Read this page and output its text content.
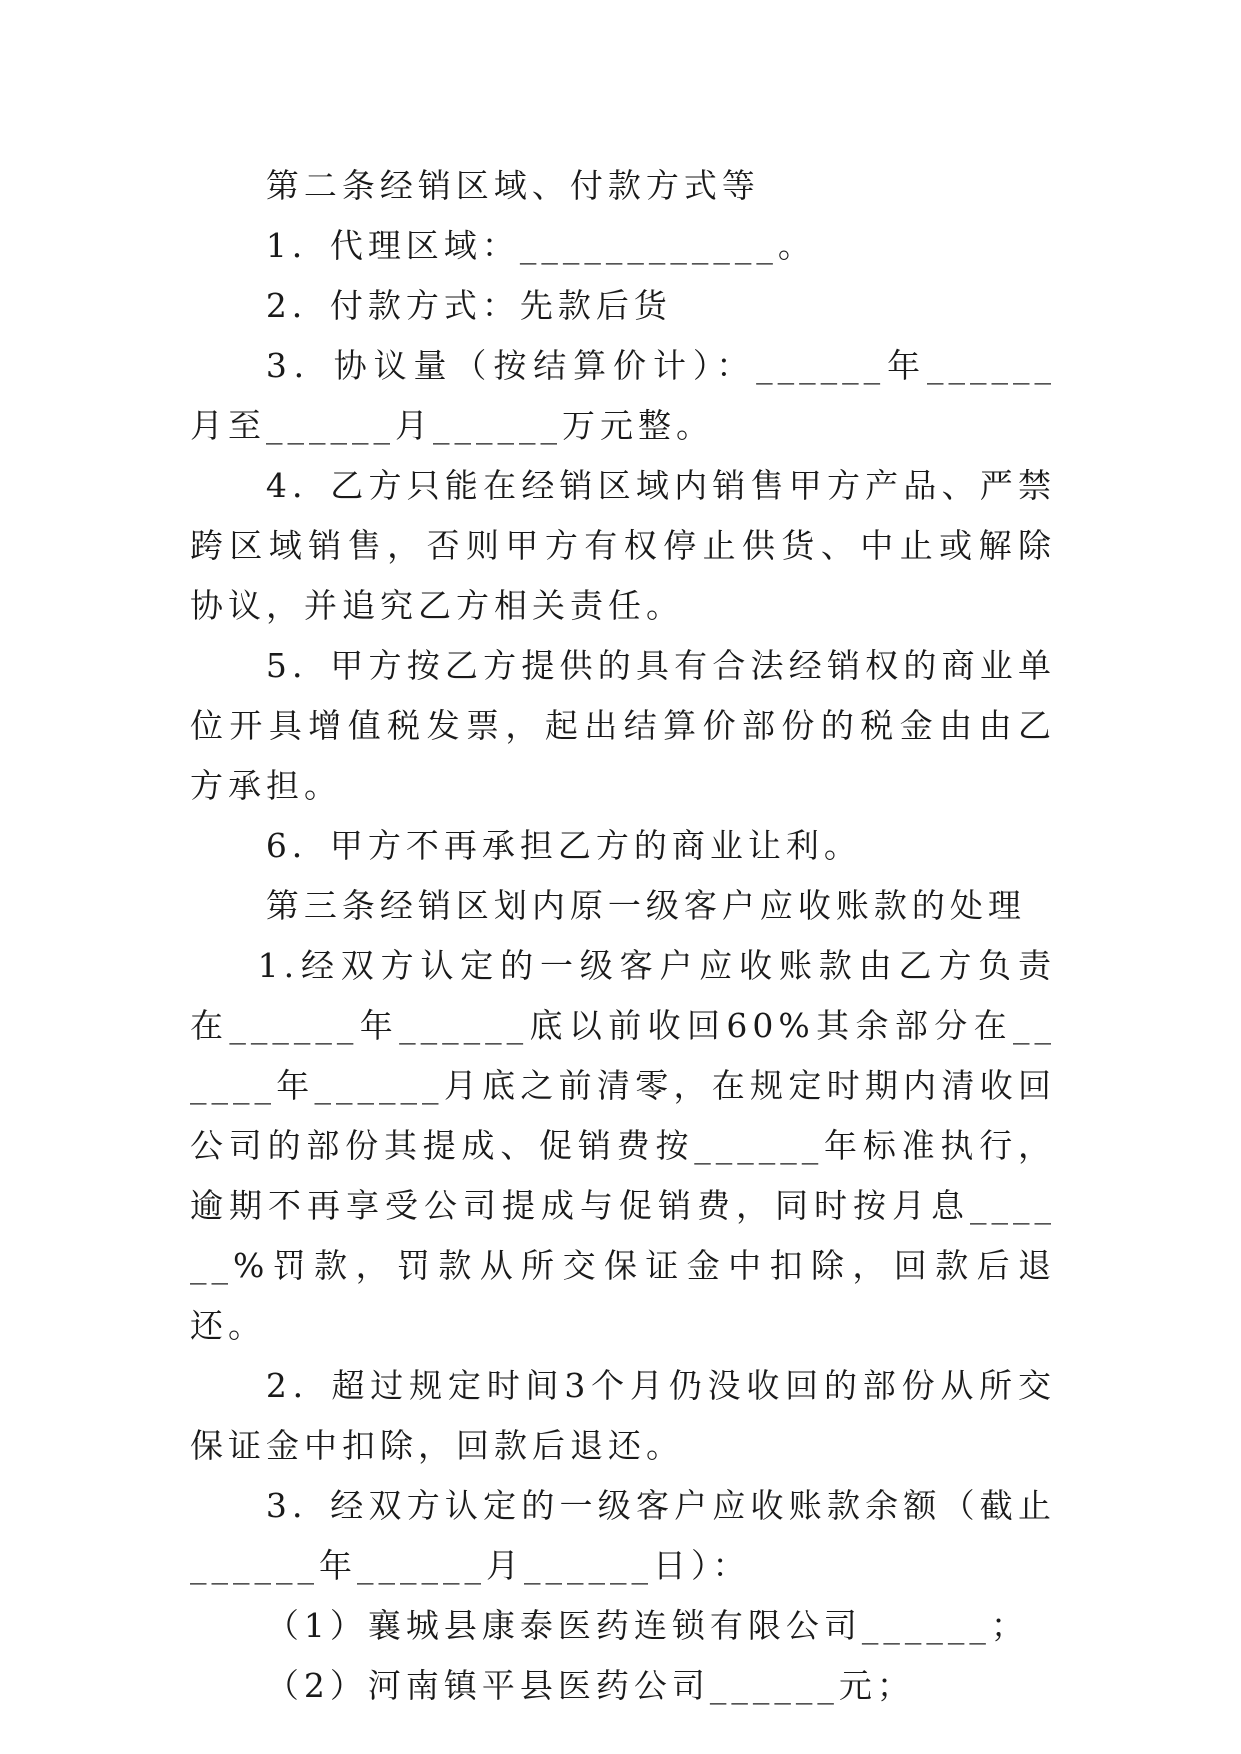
第二条经销区域、付款方式等

1．代理区域：____________。

2．付款方式：先款后货

3．协议量（按结算价计）：______年______月至______月______万元整。

4．乙方只能在经销区域内销售甲方产品、严禁跨区域销售，否则甲方有权停止供货、中止或解除协议，并追究乙方相关责任。

5．甲方按乙方提供的具有合法经销权的商业单位开具增值税发票，起出结算价部份的税金由由乙方承担。

6．甲方不再承担乙方的商业让利。

第三条经销区划内原一级客户应收账款的处理

1.经双方认定的一级客户应收账款由乙方负责在______年______底以前收回60%其余部分在______年______月底之前清零，在规定时期内清收回公司的部份其提成、促销费按______年标准执行，逾期不再享受公司提成与促销费，同时按月息______%罚款，罚款从所交保证金中扣除，回款后退还。

2．超过规定时间3个月仍没收回的部份从所交保证金中扣除，回款后退还。

3．经双方认定的一级客户应收账款余额（截止______年______月______日）：

（1）襄城县康泰医药连锁有限公司______；

（2）河南镇平县医药公司______元；
